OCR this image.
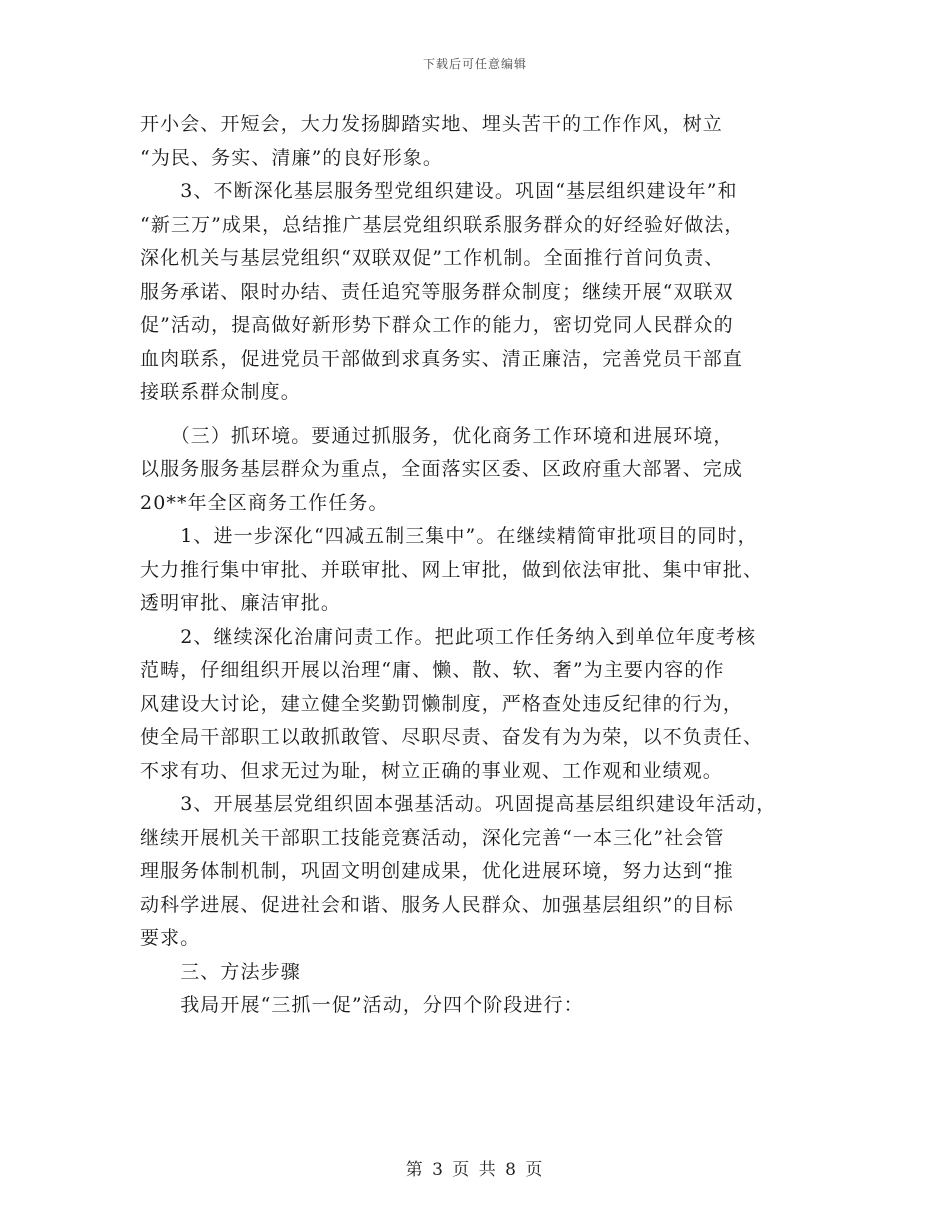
下载后可任意编辑
开小会、开短会，大力发扬脚踏实地、埋头苦干的工作作风，树立
“为民、务实、清廉”的良好形象。
　　3、不断深化基层服务型党组织建设。巩固“基层组织建设年”和
“新三万”成果，总结推广基层党组织联系服务群众的好经验好做法，
深化机关与基层党组织“双联双促”工作机制。全面推行首问负责、
服务承诺、限时办结、责任追究等服务群众制度；继续开展“双联双
促”活动，提高做好新形势下群众工作的能力，密切党同人民群众的
血肉联系，促进党员干部做到求真务实、清正廉洁，完善党员干部直
接联系群众制度。
　　（三）抓环境。要通过抓服务，优化商务工作环境和进展环境，
以服务服务基层群众为重点，全面落实区委、区政府重大部署、完成
20**年全区商务工作任务。
　　1、进一步深化“四减五制三集中”。在继续精简审批项目的同时，
大力推行集中审批、并联审批、网上审批，做到依法审批、集中审批、
透明审批、廉洁审批。
　　2、继续深化治庸问责工作。把此项工作任务纳入到单位年度考核
范畴，仔细组织开展以治理“庸、懒、散、软、奢”为主要内容的作
风建设大讨论，建立健全奖勤罚懒制度，严格查处违反纪律的行为，
使全局干部职工以敢抓敢管、尽职尽责、奋发有为为荣，以不负责任、
不求有功、但求无过为耻，树立正确的事业观、工作观和业绩观。
　　3、开展基层党组织固本强基活动。巩固提高基层组织建设年活动，
继续开展机关干部职工技能竞赛活动，深化完善“一本三化”社会管
理服务体制机制，巩固文明创建成果，优化进展环境，努力达到“推
动科学进展、促进社会和谐、服务人民群众、加强基层组织”的目标
要求。
　　三、方法步骤
　　我局开展“三抓一促”活动，分四个阶段进行：
第 3 页 共 8 页
